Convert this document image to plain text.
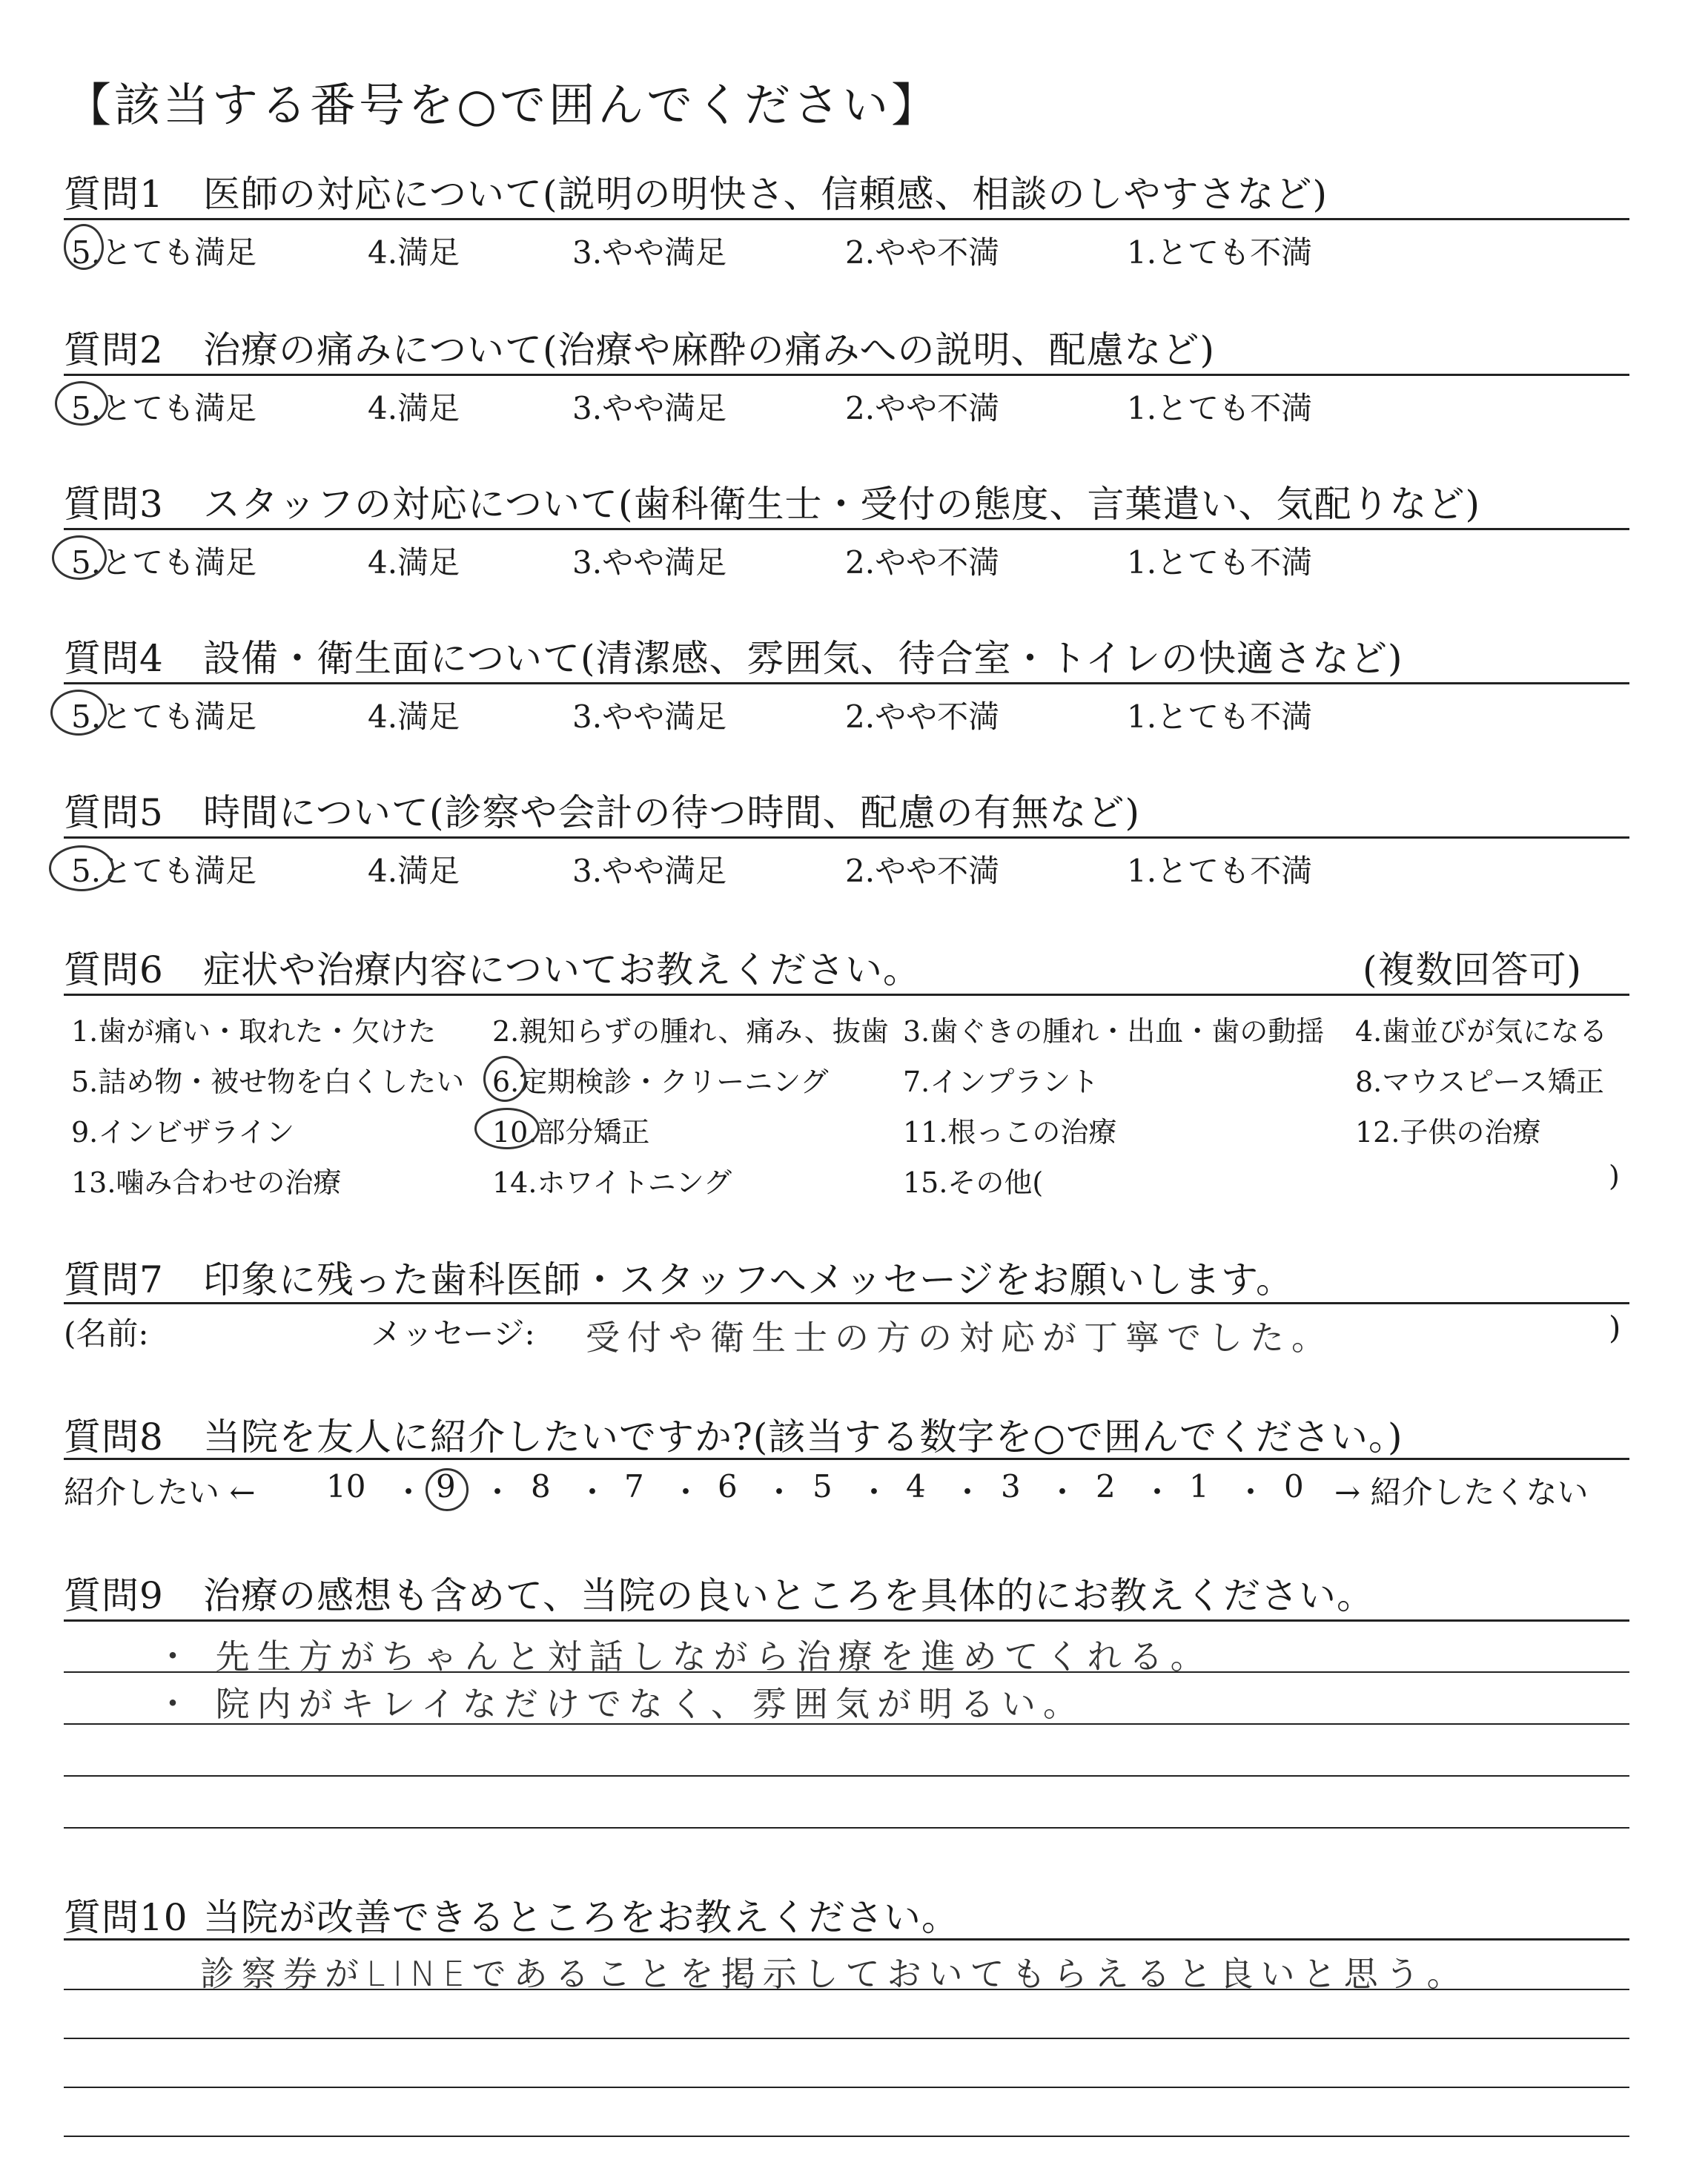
【該当する番号を○で囲んでください】
質問1 医師の対応について(説明の明快さ、信頼感、相談のしやすさなど)
5.とても満足	4.満足	3.やや満足	2.やや不満	1.とても不満
質問2 治療の痛みについて(治療や麻酔の痛みへの説明、配慮など)
5.とても満足	4.満足	3.やや満足	2.やや不満	1.とても不満
質問3 スタッフの対応について(歯科衛生士・受付の態度、言葉遣い、気配りなど)
5.とても満足	4.満足	3.やや満足	2.やや不満	1.とても不満
質問4 設備・衛生面について(清潔感、雰囲気、待合室・トイレの快適さなど)
5.とても満足	4.満足	3.やや満足	2.やや不満	1.とても不満
質問5 時間について(診察や会計の待つ時間、配慮の有無など)
5.とても満足	4.満足	3.やや満足	2.やや不満	1.とても不満
質問6 症状や治療内容についてお教えください。	(複数回答可)
1.歯が痛い・取れた・欠けた 2.親知らずの腫れ、痛み、抜歯 3.歯ぐきの腫れ・出血・歯の動揺 4.歯並びが気になる
5.詰め物・被せ物を白くしたい 6.定期検診・クリーニング	7.インプラント	8.マウスピース矯正
9.インビザライン	10.部分矯正	11.根っこの治療	12.子供の治療
13.噛み合わせの治療	14.ホワイトニング	15.その他(	)
質問7 印象に残った歯科医師・スタッフへメッセージをお願いします。
(名前:	メッセージ: 受付や衛生士の方の対応が丁寧でした。	)
質問8 当院を友人に紹介したいですか?(該当する数字を○で囲んでください。)
紹介したい ← 10 ・ 9 ・ 8 ・ 7 ・ 6 ・ 5 ・ 4 ・ 3 ・ 2 ・ 1 ・ 0 → 紹介したくない
質問9 治療の感想も含めて、当院の良いところを具体的にお教えください。
・ 先生方がちゃんと対話しながら治療を進めてくれる。
・ 院内がキレイなだけでなく、雰囲気が明るい。
質問10 当院が改善できるところをお教えください。
診察券がLINEであることを掲示しておいてもらえると良いと思う。
